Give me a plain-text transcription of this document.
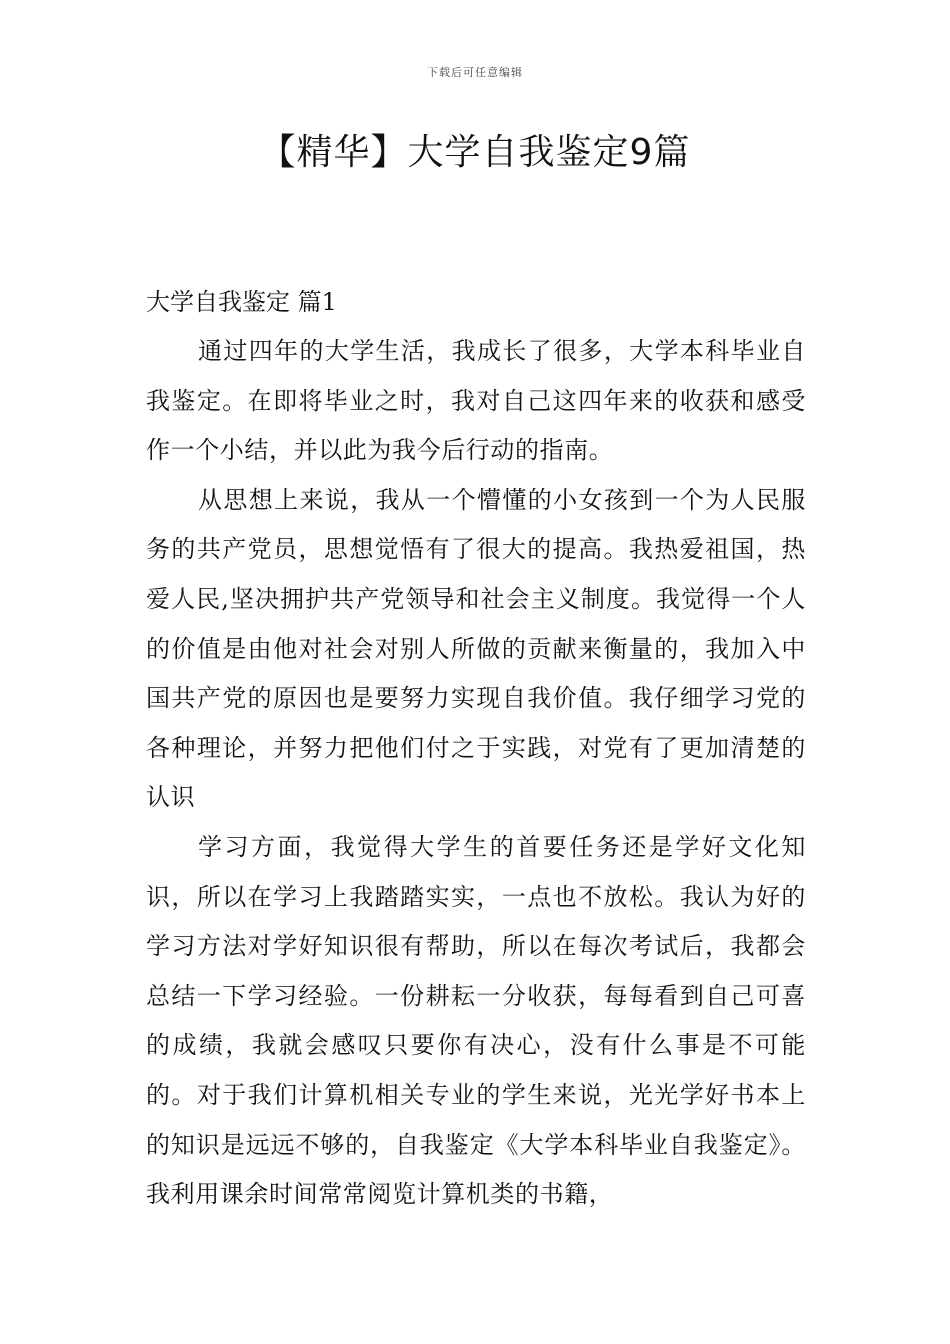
下载后可任意编辑
【精华】大学自我鉴定9篇
大学自我鉴定 篇1

通过四年的大学生活，我成长了很多，大学本科毕业自我鉴定。在即将毕业之时，我对自己这四年来的收获和感受作一个小结，并以此为我今后行动的指南。

从思想上来说，我从一个懵懂的小女孩到一个为人民服务的共产党员，思想觉悟有了很大的提高。我热爱祖国，热爱人民,坚决拥护共产党领导和社会主义制度。我觉得一个人的价值是由他对社会对别人所做的贡献来衡量的，我加入中国共产党的原因也是要努力实现自我价值。我仔细学习党的各种理论，并努力把他们付之于实践，对党有了更加清楚的认识

学习方面，我觉得大学生的首要任务还是学好文化知识，所以在学习上我踏踏实实，一点也不放松。我认为好的学习方法对学好知识很有帮助，所以在每次考试后，我都会总结一下学习经验。一份耕耘一分收获，每每看到自己可喜的成绩，我就会感叹只要你有决心，没有什么事是不可能的。对于我们计算机相关专业的学生来说，光光学好书本上的知识是远远不够的，自我鉴定《大学本科毕业自我鉴定》。我利用课余时间常常阅览计算机类的书籍，
